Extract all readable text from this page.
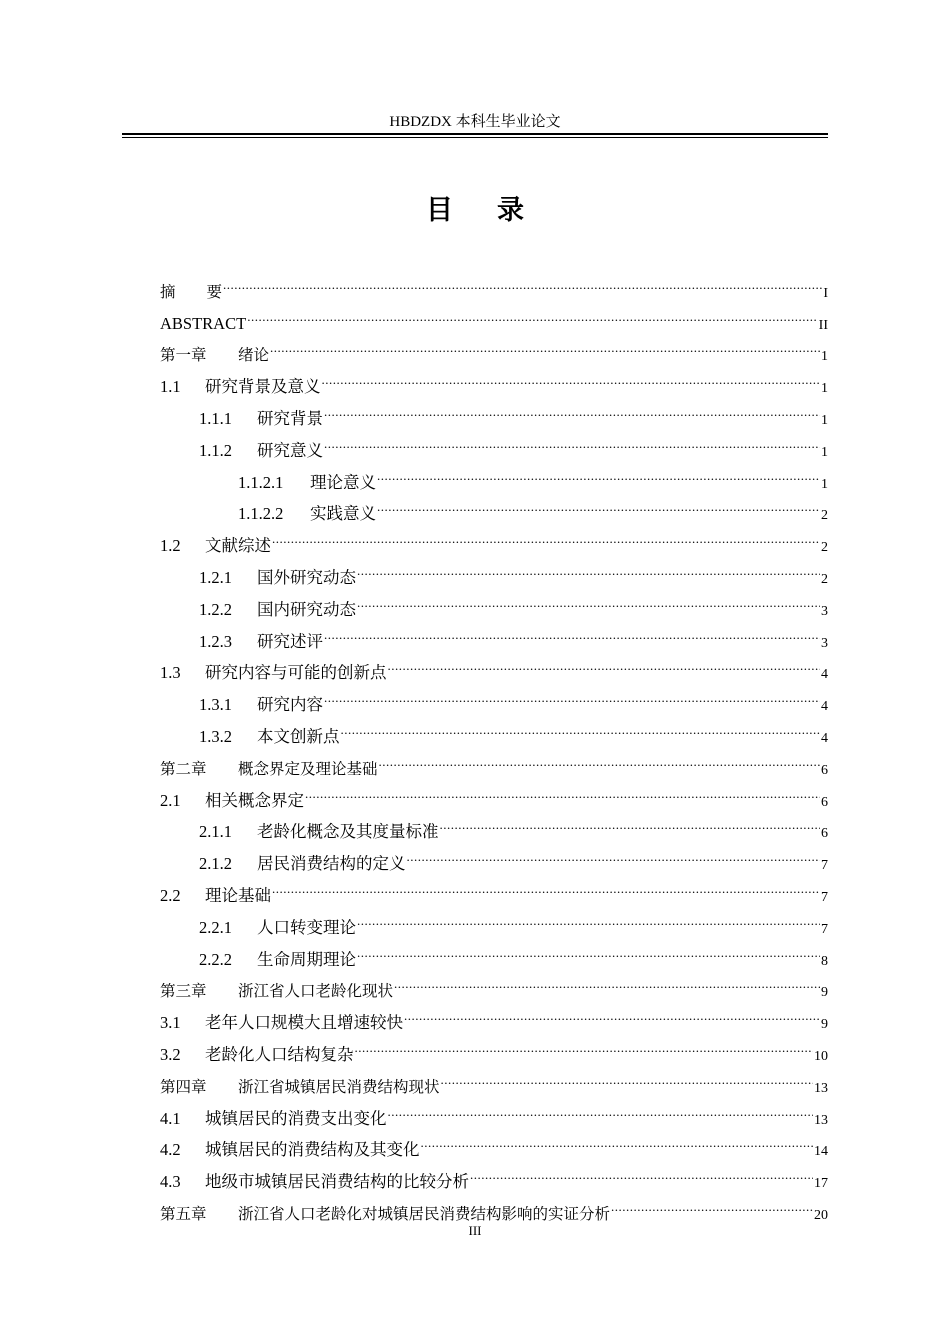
HBDZDX 本科生毕业论文
目录
摘　　要 .....	I
ABSTRACT .....	II
第一章	绪论 .....	1
1.1	研究背景及意义 .....	1
1.1.1	研究背景 .....	1
1.1.2	研究意义 .....	1
1.1.2.1	理论意义 .....	1
1.1.2.2	实践意义 .....	2
1.2	文献综述 .....	2
1.2.1	国外研究动态 .....	2
1.2.2	国内研究动态 .....	3
1.2.3	研究述评 .....	3
1.3	研究内容与可能的创新点 .....	4
1.3.1	研究内容 .....	4
1.3.2	本文创新点 .....	4
第二章	概念界定及理论基础 .....	6
2.1	相关概念界定 .....	6
2.1.1	老龄化概念及其度量标准 .....	6
2.1.2	居民消费结构的定义 .....	7
2.2	理论基础 .....	7
2.2.1	人口转变理论 .....	7
2.2.2	生命周期理论 .....	8
第三章	浙江省人口老龄化现状 .....	9
3.1	老年人口规模大且增速较快 .....	9
3.2	老龄化人口结构复杂 .....	10
第四章	浙江省城镇居民消费结构现状 .....	13
4.1	城镇居民的消费支出变化 .....	13
4.2	城镇居民的消费结构及其变化 .....	14
4.3	地级市城镇居民消费结构的比较分析 .....	17
第五章	浙江省人口老龄化对城镇居民消费结构影响的实证分析 .....	20
III
